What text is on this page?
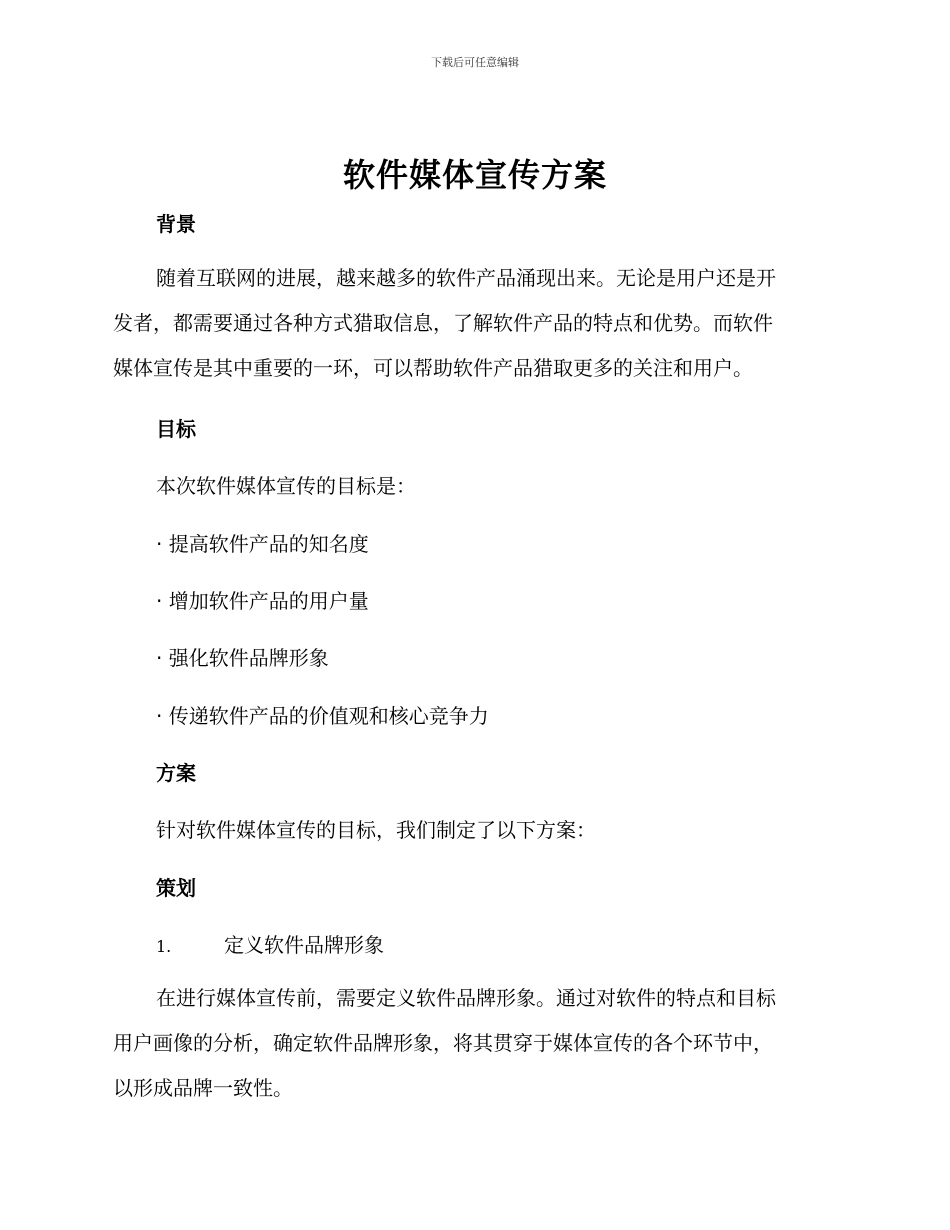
下载后可任意编辑
软件媒体宣传方案
背景
随着互联网的进展，越来越多的软件产品涌现出来。无论是用户还是开
发者，都需要通过各种方式猎取信息，了解软件产品的特点和优势。而软件
媒体宣传是其中重要的一环，可以帮助软件产品猎取更多的关注和用户。
目标
本次软件媒体宣传的目标是：
· 提高软件产品的知名度
· 增加软件产品的用户量
· 强化软件品牌形象
· 传递软件产品的价值观和核心竞争力
方案
针对软件媒体宣传的目标，我们制定了以下方案：
策划
1.	定义软件品牌形象
在进行媒体宣传前，需要定义软件品牌形象。通过对软件的特点和目标
用户画像的分析，确定软件品牌形象，将其贯穿于媒体宣传的各个环节中，
以形成品牌一致性。
